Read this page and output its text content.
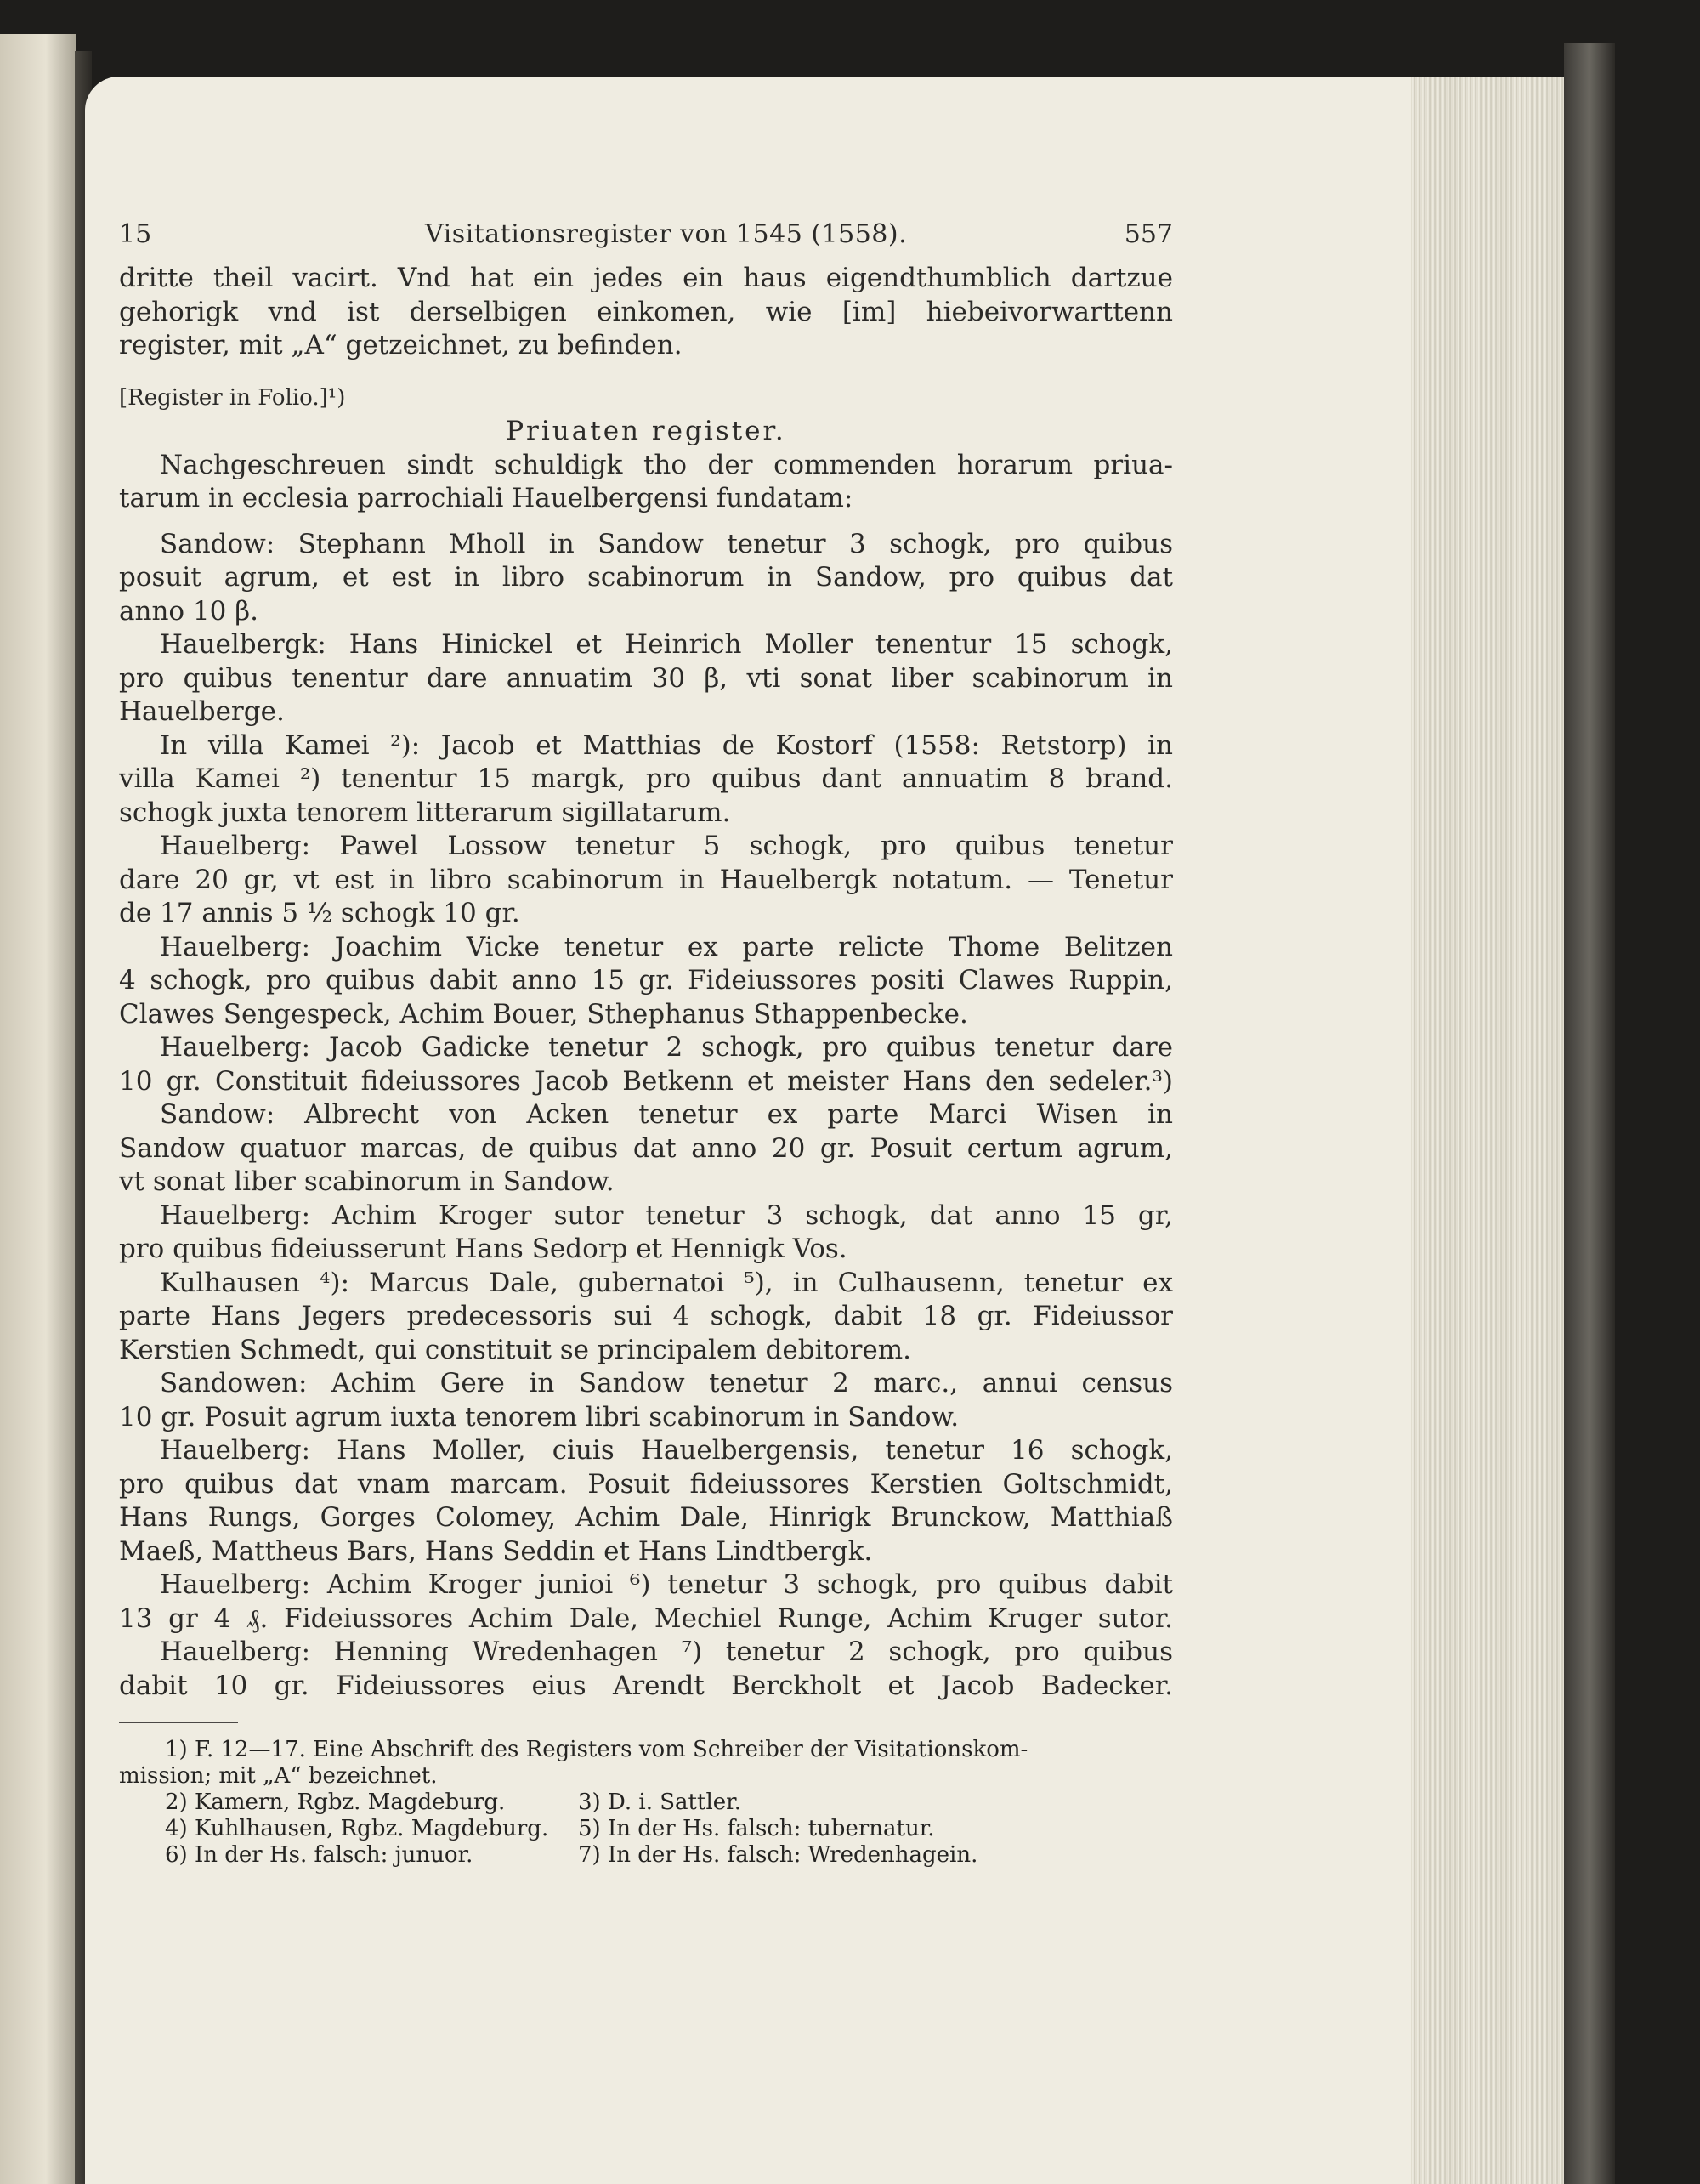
15	Visitationsregister von 1545 (1558).	557
dritte theil vacirt. Vnd hat ein jedes ein haus eigendthumblich dartzue
gehorigk vnd ist derselbigen einkomen, wie [im] hiebeivorwarttenn
register, mit „A“ getzeichnet, zu befinden.
[Register in Folio.]¹)
Priuaten register.
Nachgeschreuen sindt schuldigk tho der commenden horarum priua-
tarum in ecclesia parrochiali Hauelbergensi fundatam:
Sandow: Stephann Mholl in Sandow tenetur 3 schogk, pro quibus
posuit agrum, et est in libro scabinorum in Sandow, pro quibus dat
anno 10 β.
Hauelbergk: Hans Hinickel et Heinrich Moller tenentur 15 schogk,
pro quibus tenentur dare annuatim 30 β, vti sonat liber scabinorum in
Hauelberge.
In villa Kamei ²): Jacob et Matthias de Kostorf (1558: Retstorp) in
villa Kamei ²) tenentur 15 margk, pro quibus dant annuatim 8 brand.
schogk juxta tenorem litterarum sigillatarum.
Hauelberg: Pawel Lossow tenetur 5 schogk, pro quibus tenetur
dare 20 gr, vt est in libro scabinorum in Hauelbergk notatum. — Tenetur
de 17 annis 5 ½ schogk 10 gr.
Hauelberg: Joachim Vicke tenetur ex parte relicte Thome Belitzen
4 schogk, pro quibus dabit anno 15 gr. Fideiussores positi Clawes Ruppin,
Clawes Sengespeck, Achim Bouer, Sthephanus Sthappenbecke.
Hauelberg: Jacob Gadicke tenetur 2 schogk, pro quibus tenetur dare
10 gr. Constituit fideiussores Jacob Betkenn et meister Hans den sedeler.³)
Sandow: Albrecht von Acken tenetur ex parte Marci Wisen in
Sandow quatuor marcas, de quibus dat anno 20 gr. Posuit certum agrum,
vt sonat liber scabinorum in Sandow.
Hauelberg: Achim Kroger sutor tenetur 3 schogk, dat anno 15 gr,
pro quibus fideiusserunt Hans Sedorp et Hennigk Vos.
Kulhausen ⁴): Marcus Dale, gubernatoi ⁵), in Culhausenn, tenetur ex
parte Hans Jegers predecessoris sui 4 schogk, dabit 18 gr. Fideiussor
Kerstien Schmedt, qui constituit se principalem debitorem.
Sandowen: Achim Gere in Sandow tenetur 2 marc., annui census
10 gr. Posuit agrum iuxta tenorem libri scabinorum in Sandow.
Hauelberg: Hans Moller, ciuis Hauelbergensis, tenetur 16 schogk,
pro quibus dat vnam marcam. Posuit fideiussores Kerstien Goltschmidt,
Hans Rungs, Gorges Colomey, Achim Dale, Hinrigk Brunckow, Matthiaß
Maeß, Mattheus Bars, Hans Seddin et Hans Lindtbergk.
Hauelberg: Achim Kroger junioi ⁶) tenetur 3 schogk, pro quibus dabit
13 gr 4 ₰. Fideiussores Achim Dale, Mechiel Runge, Achim Kruger sutor.
Hauelberg: Henning Wredenhagen ⁷) tenetur 2 schogk, pro quibus
dabit 10 gr. Fideiussores eius Arendt Berckholt et Jacob Badecker.
1) F. 12—17. Eine Abschrift des Registers vom Schreiber der Visitationskom-
mission; mit „A“ bezeichnet.
2) Kamern, Rgbz. Magdeburg.	3) D. i. Sattler.
4) Kuhlhausen, Rgbz. Magdeburg.	5) In der Hs. falsch: tubernatur.
6) In der Hs. falsch: junuor.	7) In der Hs. falsch: Wredenhagein.
